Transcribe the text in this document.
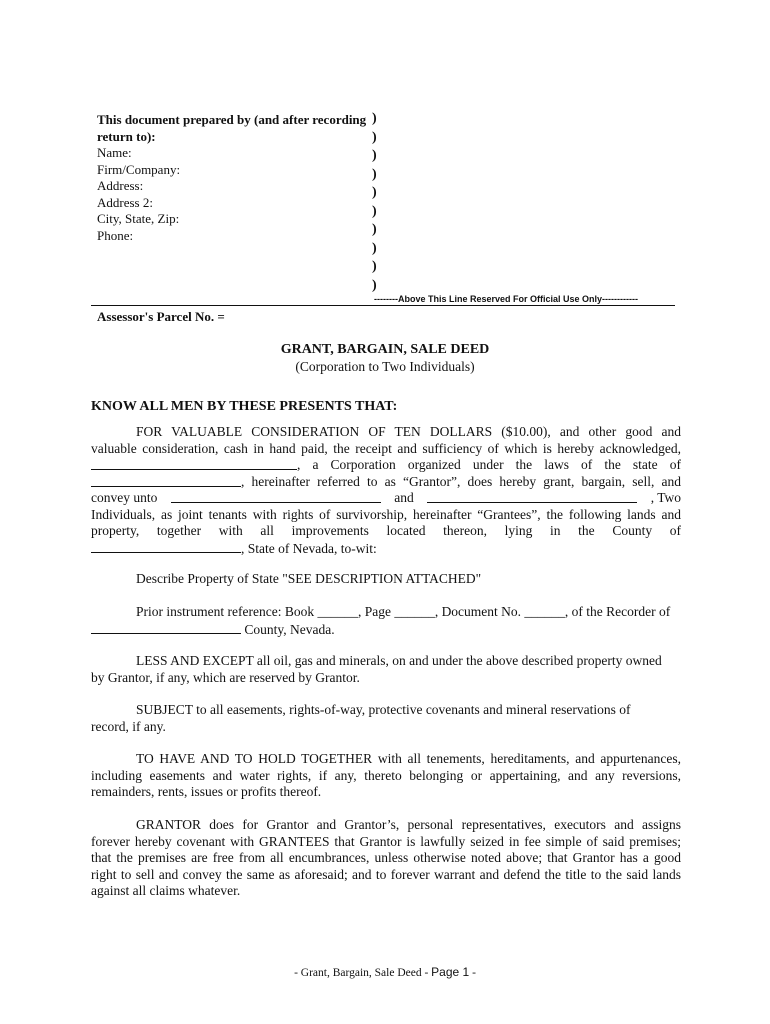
This document prepared by (and after recording
return to):
Name:
Firm/Company:
Address:
Address 2:
City, State, Zip:
Phone:
)
)
)
)
)
)
)
)
)
)
--------Above This Line Reserved For Official Use Only------------
Assessor's Parcel No. =
GRANT, BARGAIN, SALE DEED
(Corporation to Two Individuals)
KNOW ALL MEN BY THESE PRESENTS THAT:
FOR VALUABLE CONSIDERATION OF TEN DOLLARS ($10.00), and other good and
valuable consideration, cash in hand paid, the receipt and sufficiency of which is hereby acknowledged,
, a Corporation organized under the laws of the state of
, hereinafter referred to as “Grantor”, does hereby grant, bargain, sell, and
convey unto	and	, Two
Individuals, as joint tenants with rights of survivorship, hereinafter “Grantees”, the following lands and
property, together with all improvements located thereon, lying in the County of
, State of Nevada, to-wit:
Describe Property of State "SEE DESCRIPTION ATTACHED"
Prior instrument reference: Book ______, Page ______, Document No. ______, of the Recorder of
County, Nevada.
LESS AND EXCEPT all oil, gas and minerals, on and under the above described property owned
by Grantor, if any, which are reserved by Grantor.
SUBJECT to all easements, rights-of-way, protective covenants and mineral reservations of
record, if any.
TO HAVE AND TO HOLD TOGETHER with all tenements, hereditaments, and appurtenances,
including easements and water rights, if any, thereto belonging or appertaining, and any reversions,
remainders, rents, issues or profits thereof.
GRANTOR does for Grantor and Grantor’s, personal representatives, executors and assigns
forever hereby covenant with GRANTEES that Grantor is lawfully seized in fee simple of said premises;
that the premises are free from all encumbrances, unless otherwise noted above; that Grantor has a good
right to sell and convey the same as aforesaid; and to forever warrant and defend the title to the said lands
against all claims whatever.
- Grant, Bargain, Sale Deed - Page 1 -
